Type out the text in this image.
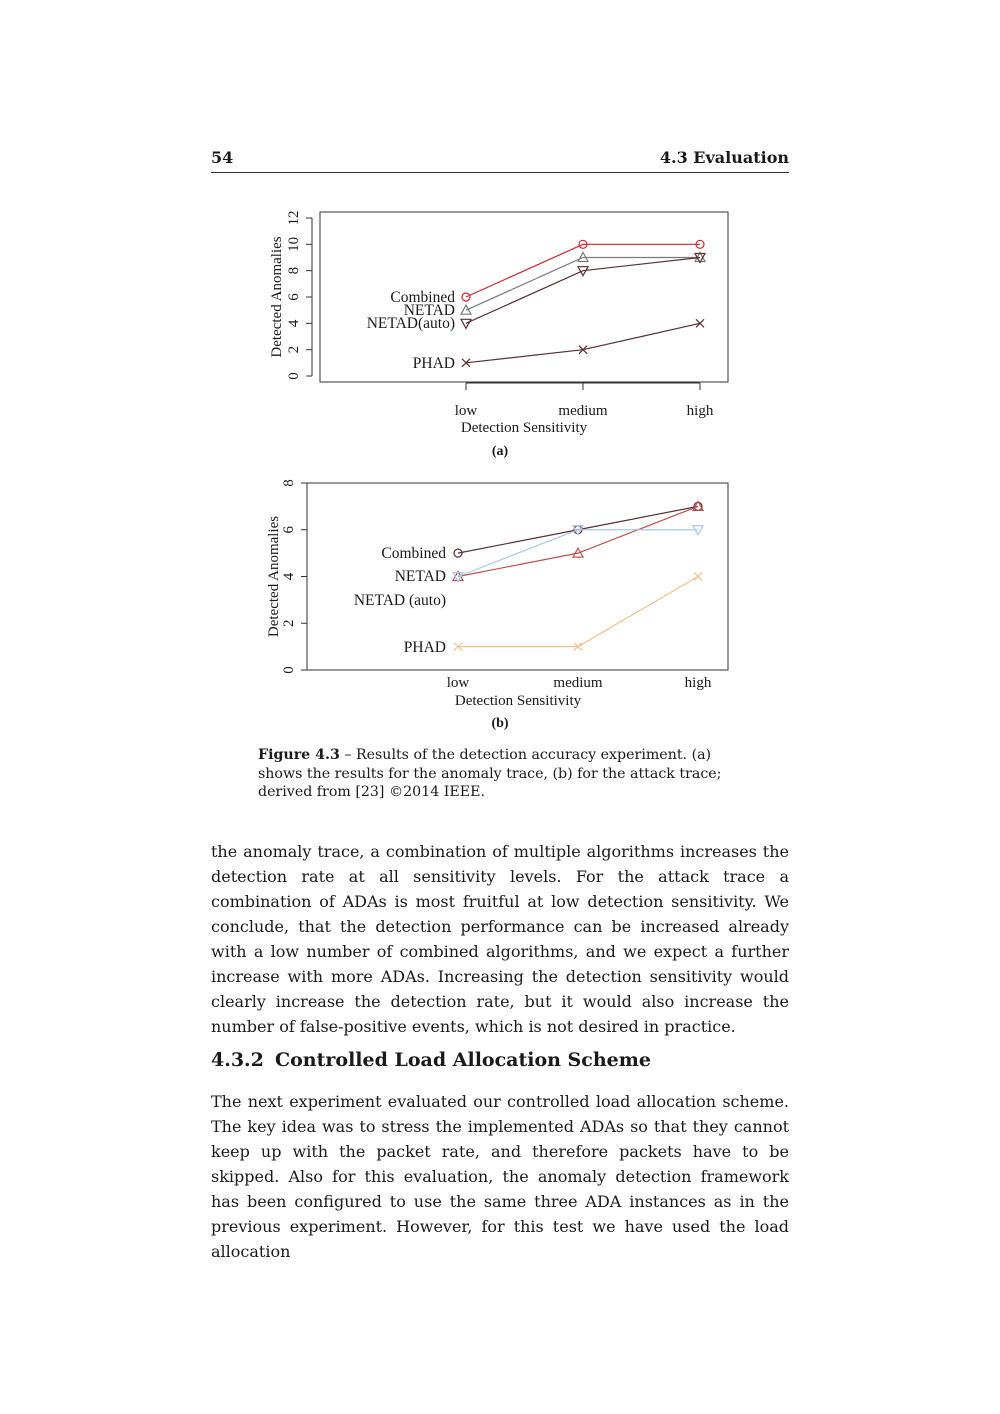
54	4.3 Evaluation
0
2
4
6
8
10
12
Detected Anomalies
low	medium	high
Detection Sensitivity
(a)
Combined
NETAD
NETAD(auto)
PHAD
0
2
4
6
8
Detected Anomalies
low	medium	high
Detection Sensitivity
(b)
Combined
NETAD
NETAD (auto)
PHAD
Figure 4.3 – Results of the detection accuracy experiment. (a) shows the results for the anomaly trace, (b) for the attack trace; derived from [23] ©2014 IEEE.

the anomaly trace, a combination of multiple algorithms increases the detection rate at all sensitivity levels. For the attack trace a combination of ADAs is most fruitful at low detection sensitivity. We conclude, that the detection performance can be increased already with a low number of combined algorithms, and we expect a further increase with more ADAs. Increasing the detection sensitivity would clearly increase the detection rate, but it would also increase the number of false-positive events, which is not desired in practice.

4.3.2 Controlled Load Allocation Scheme

The next experiment evaluated our controlled load allocation scheme. The key idea was to stress the implemented ADAs so that they cannot keep up with the packet rate, and therefore packets have to be skipped. Also for this evaluation, the anomaly detection framework has been configured to use the same three ADA instances as in the previous experiment. However, for this test we have used the load allocation
